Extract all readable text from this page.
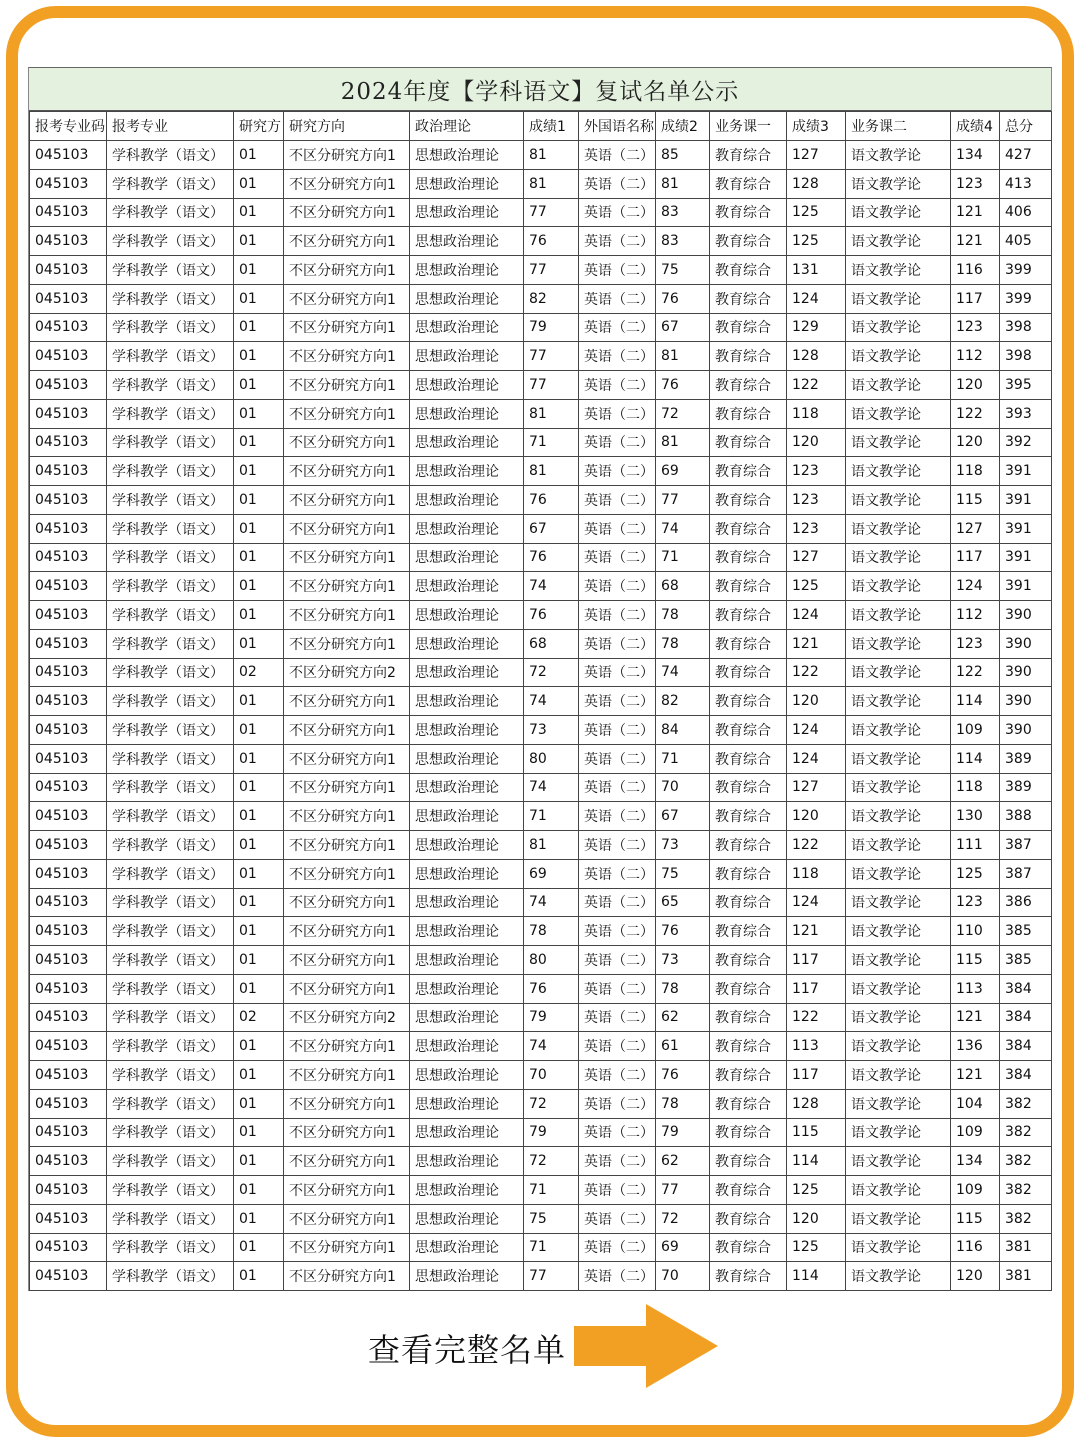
2024年度【学科语文】复试名单公示
报考专业码	报考专业	研究方	研究方向	政治理论	成绩1	外国语名称	成绩2	业务课一	成绩3	业务课二	成绩4	总分
045103	学科教学（语文）	01	不区分研究方向1	思想政治理论	81	英语（二）	85	教育综合	127	语文教学论	134	427
045103	学科教学（语文）	01	不区分研究方向1	思想政治理论	81	英语（二）	81	教育综合	128	语文教学论	123	413
045103	学科教学（语文）	01	不区分研究方向1	思想政治理论	77	英语（二）	83	教育综合	125	语文教学论	121	406
045103	学科教学（语文）	01	不区分研究方向1	思想政治理论	76	英语（二）	83	教育综合	125	语文教学论	121	405
045103	学科教学（语文）	01	不区分研究方向1	思想政治理论	77	英语（二）	75	教育综合	131	语文教学论	116	399
045103	学科教学（语文）	01	不区分研究方向1	思想政治理论	82	英语（二）	76	教育综合	124	语文教学论	117	399
045103	学科教学（语文）	01	不区分研究方向1	思想政治理论	79	英语（二）	67	教育综合	129	语文教学论	123	398
045103	学科教学（语文）	01	不区分研究方向1	思想政治理论	77	英语（二）	81	教育综合	128	语文教学论	112	398
045103	学科教学（语文）	01	不区分研究方向1	思想政治理论	77	英语（二）	76	教育综合	122	语文教学论	120	395
045103	学科教学（语文）	01	不区分研究方向1	思想政治理论	81	英语（二）	72	教育综合	118	语文教学论	122	393
045103	学科教学（语文）	01	不区分研究方向1	思想政治理论	71	英语（二）	81	教育综合	120	语文教学论	120	392
045103	学科教学（语文）	01	不区分研究方向1	思想政治理论	81	英语（二）	69	教育综合	123	语文教学论	118	391
045103	学科教学（语文）	01	不区分研究方向1	思想政治理论	76	英语（二）	77	教育综合	123	语文教学论	115	391
045103	学科教学（语文）	01	不区分研究方向1	思想政治理论	67	英语（二）	74	教育综合	123	语文教学论	127	391
045103	学科教学（语文）	01	不区分研究方向1	思想政治理论	76	英语（二）	71	教育综合	127	语文教学论	117	391
045103	学科教学（语文）	01	不区分研究方向1	思想政治理论	74	英语（二）	68	教育综合	125	语文教学论	124	391
045103	学科教学（语文）	01	不区分研究方向1	思想政治理论	76	英语（二）	78	教育综合	124	语文教学论	112	390
045103	学科教学（语文）	01	不区分研究方向1	思想政治理论	68	英语（二）	78	教育综合	121	语文教学论	123	390
045103	学科教学（语文）	02	不区分研究方向2	思想政治理论	72	英语（二）	74	教育综合	122	语文教学论	122	390
045103	学科教学（语文）	01	不区分研究方向1	思想政治理论	74	英语（二）	82	教育综合	120	语文教学论	114	390
045103	学科教学（语文）	01	不区分研究方向1	思想政治理论	73	英语（二）	84	教育综合	124	语文教学论	109	390
045103	学科教学（语文）	01	不区分研究方向1	思想政治理论	80	英语（二）	71	教育综合	124	语文教学论	114	389
045103	学科教学（语文）	01	不区分研究方向1	思想政治理论	74	英语（二）	70	教育综合	127	语文教学论	118	389
045103	学科教学（语文）	01	不区分研究方向1	思想政治理论	71	英语（二）	67	教育综合	120	语文教学论	130	388
045103	学科教学（语文）	01	不区分研究方向1	思想政治理论	81	英语（二）	73	教育综合	122	语文教学论	111	387
045103	学科教学（语文）	01	不区分研究方向1	思想政治理论	69	英语（二）	75	教育综合	118	语文教学论	125	387
045103	学科教学（语文）	01	不区分研究方向1	思想政治理论	74	英语（二）	65	教育综合	124	语文教学论	123	386
045103	学科教学（语文）	01	不区分研究方向1	思想政治理论	78	英语（二）	76	教育综合	121	语文教学论	110	385
045103	学科教学（语文）	01	不区分研究方向1	思想政治理论	80	英语（二）	73	教育综合	117	语文教学论	115	385
045103	学科教学（语文）	01	不区分研究方向1	思想政治理论	76	英语（二）	78	教育综合	117	语文教学论	113	384
045103	学科教学（语文）	02	不区分研究方向2	思想政治理论	79	英语（二）	62	教育综合	122	语文教学论	121	384
045103	学科教学（语文）	01	不区分研究方向1	思想政治理论	74	英语（二）	61	教育综合	113	语文教学论	136	384
045103	学科教学（语文）	01	不区分研究方向1	思想政治理论	70	英语（二）	76	教育综合	117	语文教学论	121	384
045103	学科教学（语文）	01	不区分研究方向1	思想政治理论	72	英语（二）	78	教育综合	128	语文教学论	104	382
045103	学科教学（语文）	01	不区分研究方向1	思想政治理论	79	英语（二）	79	教育综合	115	语文教学论	109	382
045103	学科教学（语文）	01	不区分研究方向1	思想政治理论	72	英语（二）	62	教育综合	114	语文教学论	134	382
045103	学科教学（语文）	01	不区分研究方向1	思想政治理论	71	英语（二）	77	教育综合	125	语文教学论	109	382
045103	学科教学（语文）	01	不区分研究方向1	思想政治理论	75	英语（二）	72	教育综合	120	语文教学论	115	382
045103	学科教学（语文）	01	不区分研究方向1	思想政治理论	71	英语（二）	69	教育综合	125	语文教学论	116	381
045103	学科教学（语文）	01	不区分研究方向1	思想政治理论	77	英语（二）	70	教育综合	114	语文教学论	120	381
查看完整名单
